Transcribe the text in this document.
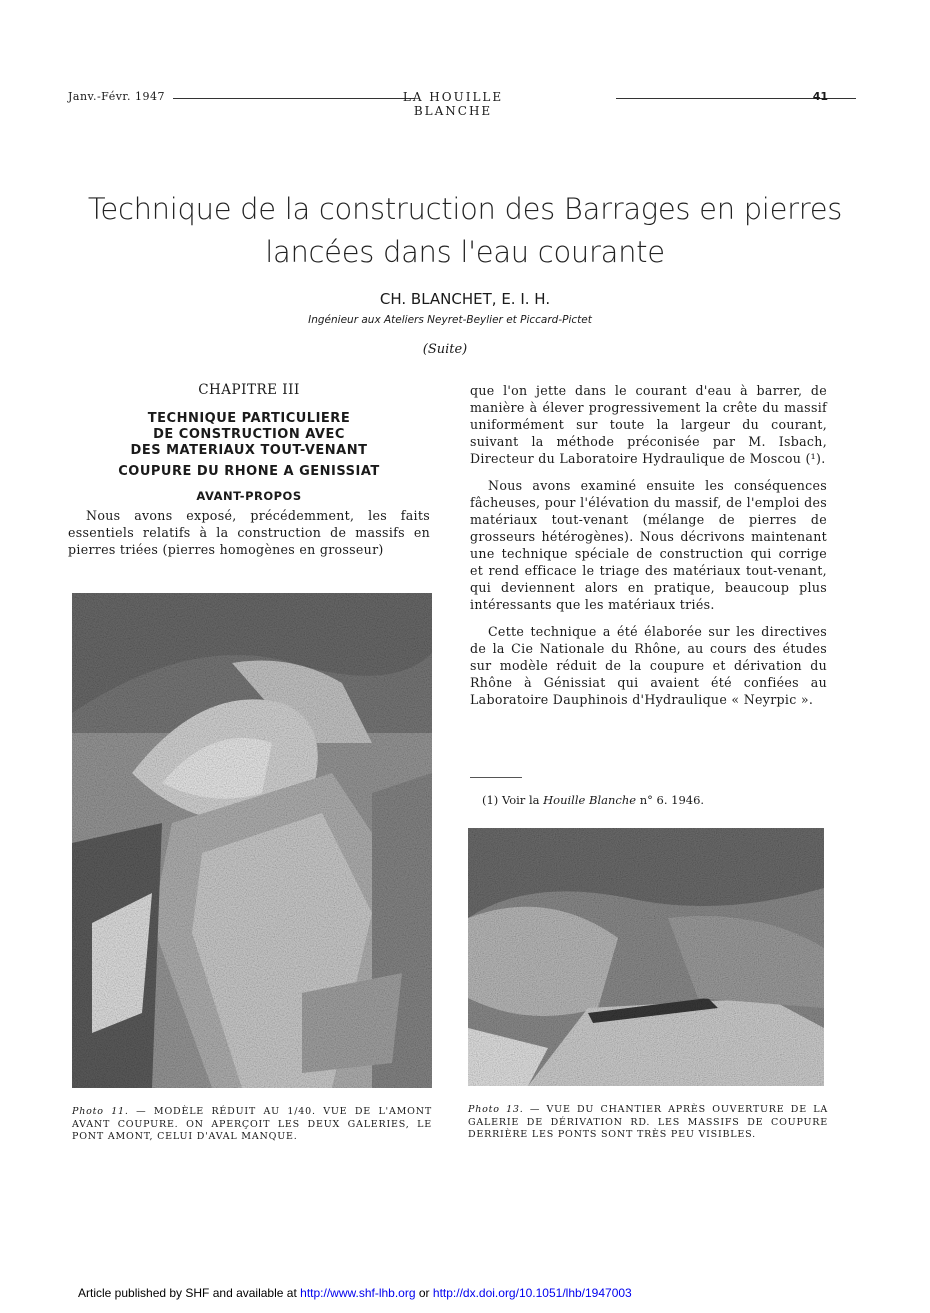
Janv.-Févr. 1947	LA HOUILLE BLANCHE
41
Technique de la construction des Barrages en pierres
lancées dans l'eau courante
CH. BLANCHET, E. I. H.
Ingénieur aux Ateliers Neyret-Beylier et Piccard-Pictet
(Suite)
CHAPITRE III
TECHNIQUE PARTICULIERE
DE CONSTRUCTION AVEC
DES MATERIAUX TOUT-VENANT
COUPURE DU RHONE A GENISSIAT
AVANT-PROPOS

Nous avons exposé, précédemment, les faits essentiels relatifs à la construction de massifs en pierres triées (pierres homogènes en grosseur)

que l'on jette dans le courant d'eau à barrer, de manière à élever progressivement la crête du massif uniformément sur toute la largeur du courant, suivant la méthode préconisée par M. Isbach, Directeur du Laboratoire Hydraulique de Moscou (¹).

Nous avons examiné ensuite les conséquences fâcheuses, pour l'élévation du massif, de l'emploi des matériaux tout-venant (mélange de pierres de grosseurs hétérogènes). Nous décrivons maintenant une technique spéciale de construction qui corrige et rend efficace le triage des matériaux tout-venant, qui deviennent alors en pratique, beaucoup plus intéressants que les matériaux triés.

Cette technique a été élaborée sur les directives de la Cie Nationale du Rhône, au cours des études sur modèle réduit de la coupure et dérivation du Rhône à Génissiat qui avaient été confiées au Laboratoire Dauphinois d'Hydraulique « Neyrpic ».

(1) Voir la Houille Blanche n° 6. 1946.
Photo 11. — MODÈLE RÉDUIT AU 1/40. VUE DE L'AMONT AVANT COUPURE. ON APERÇOIT LES DEUX GALERIES, LE PONT AMONT, CELUI D'AVAL MANQUE.
Photo 13. — VUE DU CHANTIER APRÈS OUVERTURE DE LA GALERIE DE DÉRIVATION RD. LES MASSIFS DE COUPURE DERRIÈRE LES PONTS SONT TRÈS PEU VISIBLES.
Article published by SHF and available at http://www.shf-lhb.org or http://dx.doi.org/10.1051/lhb/1947003
